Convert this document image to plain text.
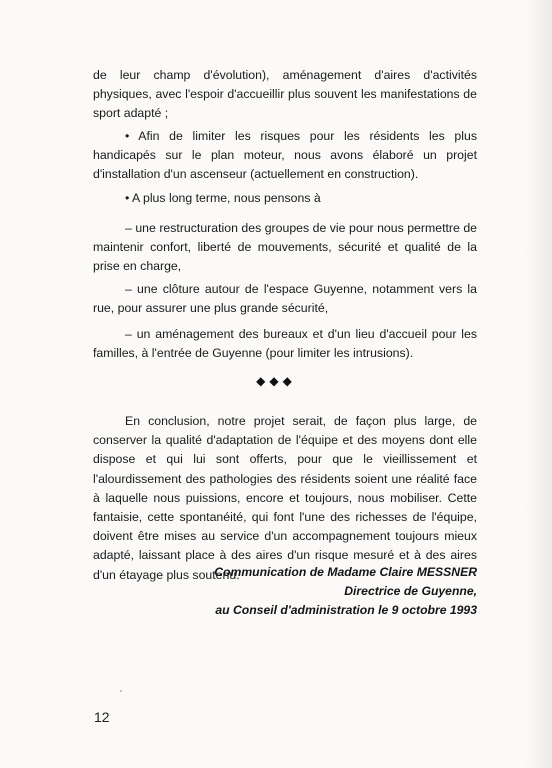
de leur champ d'évolution), aménagement d'aires d'activités physiques, avec l'espoir d'accueillir plus souvent les manifestations de sport adapté ;

• Afin de limiter les risques pour les résidents les plus handicapés sur le plan moteur, nous avons élaboré un projet d'installation d'un ascenseur (actuellement en construction).

• A plus long terme, nous pensons à

– une restructuration des groupes de vie pour nous permettre de maintenir confort, liberté de mouvements, sécurité et qualité de la prise en charge,

– une clôture autour de l'espace Guyenne, notamment vers la rue, pour assurer une plus grande sécurité,

– un aménagement des bureaux et d'un lieu d'accueil pour les familles, à l'entrée de Guyenne (pour limiter les intrusions).

◆◆◆

En conclusion, notre projet serait, de façon plus large, de conserver la qualité d'adaptation de l'équipe et des moyens dont elle dispose et qui lui sont offerts, pour que le vieillissement et l'alourdissement des pathologies des résidents soient une réalité face à laquelle nous puissions, encore et toujours, nous mobiliser. Cette fantaisie, cette spontanéité, qui font l'une des richesses de l'équipe, doivent être mises au service d'un accompagnement toujours mieux adapté, laissant place à des aires d'un risque mesuré et à des aires d'un étayage plus soutenu.

Communication de Madame Claire MESSNER
Directrice de Guyenne,
au Conseil d'administration le 9 octobre 1993
12
